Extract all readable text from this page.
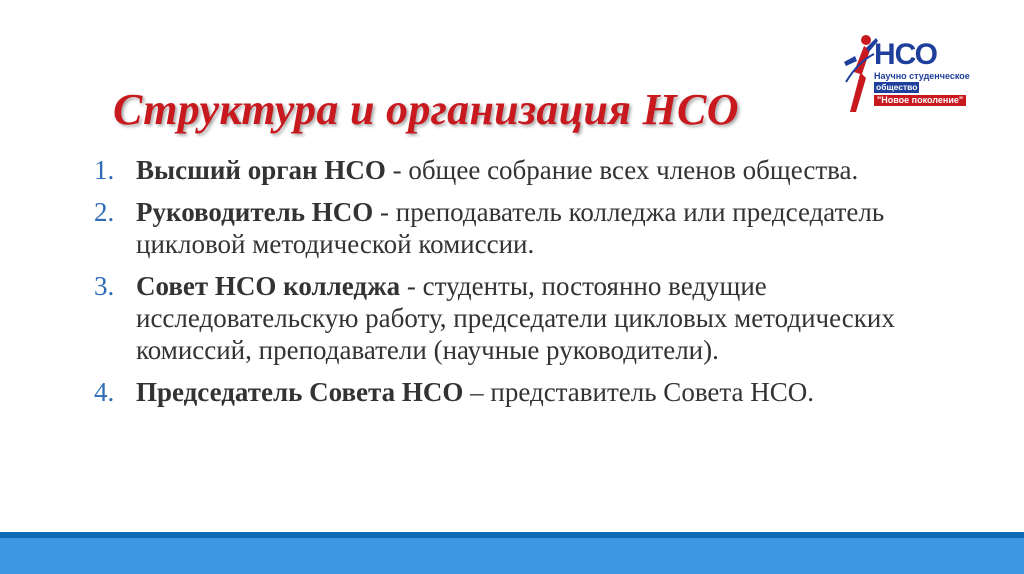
НСО
Научно студенческое
общество
"Новое поколение"
Структура и организация НСО
1. Высший орган НСО - общее собрание всех членов общества.
2. Руководитель НСО - преподаватель колледжа или председатель цикловой методической комиссии.
3. Совет НСО колледжа - студенты, постоянно ведущие исследовательскую работу, председатели цикловых методических комиссий, преподаватели (научные руководители).
4. Председатель Совета НСО – представитель Совета НСО.
